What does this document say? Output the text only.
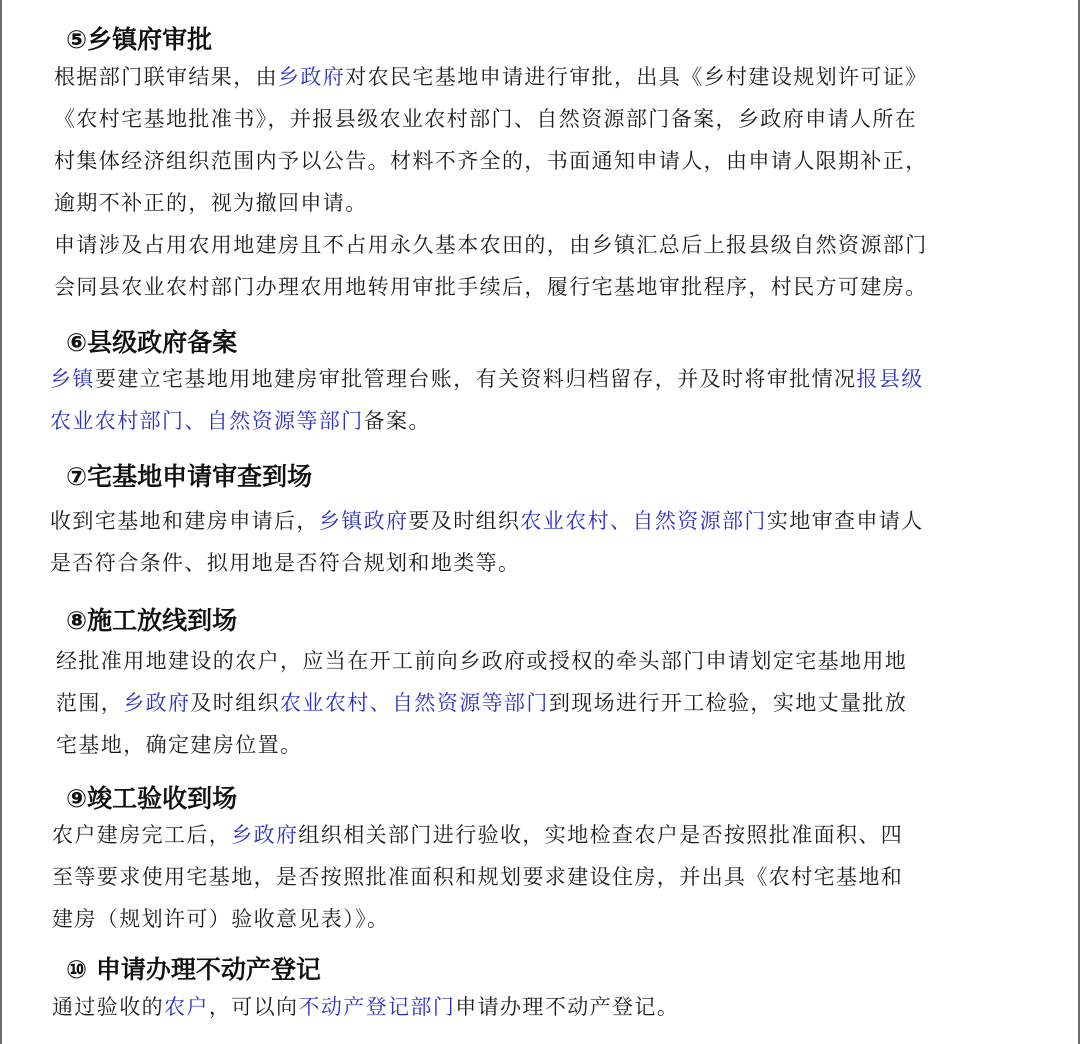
⑤乡镇府审批
根据部门联审结果，由乡政府对农民宅基地申请进行审批，出具《乡村建设规划许可证》
《农村宅基地批准书》，并报县级农业农村部门、自然资源部门备案，乡政府申请人所在
村集体经济组织范围内予以公告。材料不齐全的，书面通知申请人，由申请人限期补正，
逾期不补正的，视为撤回申请。
申请涉及占用农用地建房且不占用永久基本农田的，由乡镇汇总后上报县级自然资源部门
会同县农业农村部门办理农用地转用审批手续后，履行宅基地审批程序，村民方可建房。
⑥县级政府备案
乡镇要建立宅基地用地建房审批管理台账，有关资料归档留存，并及时将审批情况报县级
农业农村部门、自然资源等部门备案。
⑦宅基地申请审查到场
收到宅基地和建房申请后，乡镇政府要及时组织农业农村、自然资源部门实地审查申请人
是否符合条件、拟用地是否符合规划和地类等。
⑧施工放线到场
经批准用地建设的农户，应当在开工前向乡政府或授权的牵头部门申请划定宅基地用地
范围，乡政府及时组织农业农村、自然资源等部门到现场进行开工检验，实地丈量批放
宅基地，确定建房位置。
⑨竣工验收到场
农户建房完工后，乡政府组织相关部门进行验收，实地检查农户是否按照批准面积、四
至等要求使用宅基地，是否按照批准面积和规划要求建设住房，并出具《农村宅基地和
建房（规划许可）验收意见表）》。
⑩ 申请办理不动产登记
通过验收的农户，可以向不动产登记部门申请办理不动产登记。
